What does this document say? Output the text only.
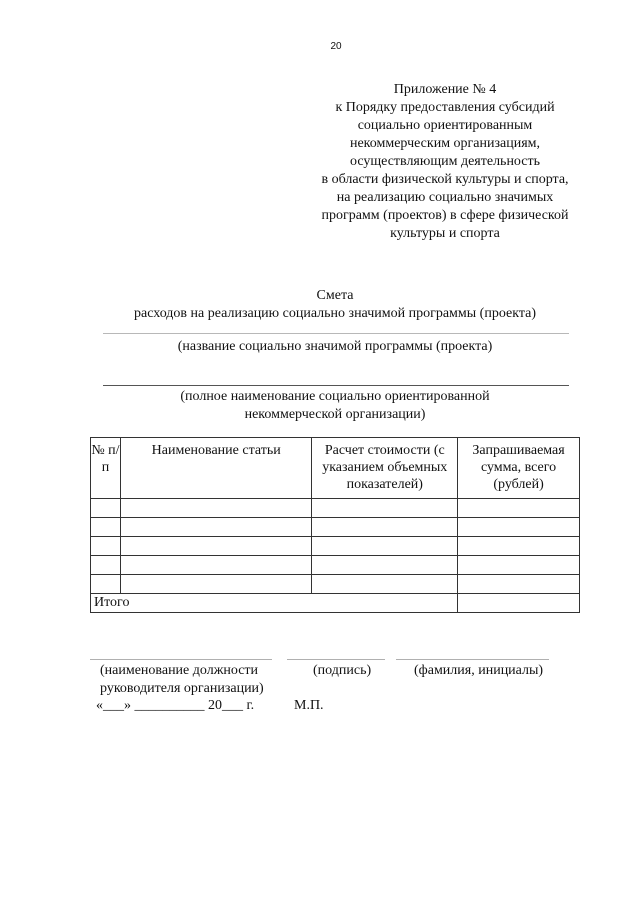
20
Приложение № 4
к Порядку предоставления субсидий
социально ориентированным
некоммерческим организациям,
осуществляющим деятельность
в области физической культуры и спорта,
на реализацию социально значимых
программ (проектов) в сфере физической
культуры и спорта
Смета
расходов на реализацию социально значимой программы (проекта)
(название социально значимой программы (проекта)
(полное наименование социально ориентированной
некоммерческой организации)
№ п/п	Наименование статьи	Расчет стоимости (с указанием объемных показателей)	Запрашиваемая сумма, всего (рублей)

Итого			
(наименование должности
руководителя организации)
(подпись)	(фамилия, инициалы)
«___» __________ 20___ г.	М.П.
